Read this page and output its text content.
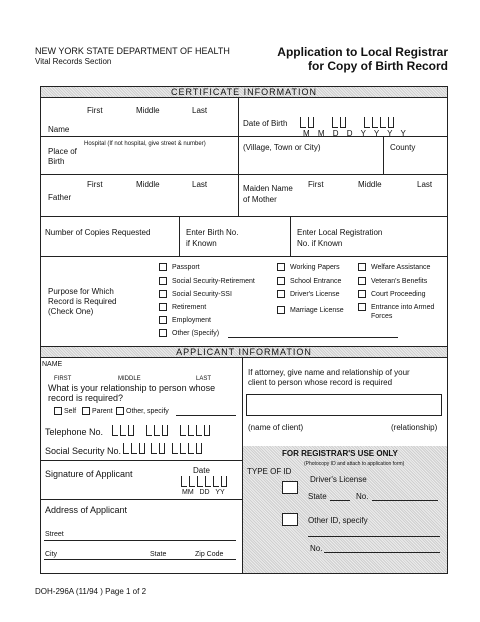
NEW YORK STATE DEPARTMENT OF HEALTH
Vital Records Section
Application to Local Registrar
for Copy of Birth Record
CERTIFICATE INFORMATION
First	Middle	Last
Name
Date of Birth
M M D D Y Y Y Y
Place of
Birth
Hospital (If not hospital, give street & number)	(Village, Town or City)	County
First	Middle	Last
Father
Maiden Name
of Mother
First	Middle	Last
Number of Copies Requested	Enter Birth No.
if Known
Enter Local Registration
No. if Known
Purpose for Which
Record is Required
(Check One)
Passport
Social Security-Retirement
Social Security-SSI
Retirement
Employment
Other (Specify)
Working Papers
School Entrance
Driver's License
Marriage License
Welfare Assistance
Veteran's Benefits
Court Proceeding
Entrance into Armed
Forces
APPLICANT INFORMATION
NAME
FIRST	MIDDLE	LAST
What is your relationship to person whose
record is required?
Self Parent Other, specify
Telephone No.
Social Security No.
Signature of Applicant	Date
MM   DD   YY
Address of Applicant
Street
City	State	Zip Code
If attorney, give name and relationship of your
client to person whose record is required
(name of client)	(relationship)
FOR REGISTRAR'S USE ONLY
TYPE OF ID
(Photocopy ID and attach to application form)
Driver's License
State	No.
Other ID, specify
No.
DOH-296A (11/94 ) Page 1 of 2
